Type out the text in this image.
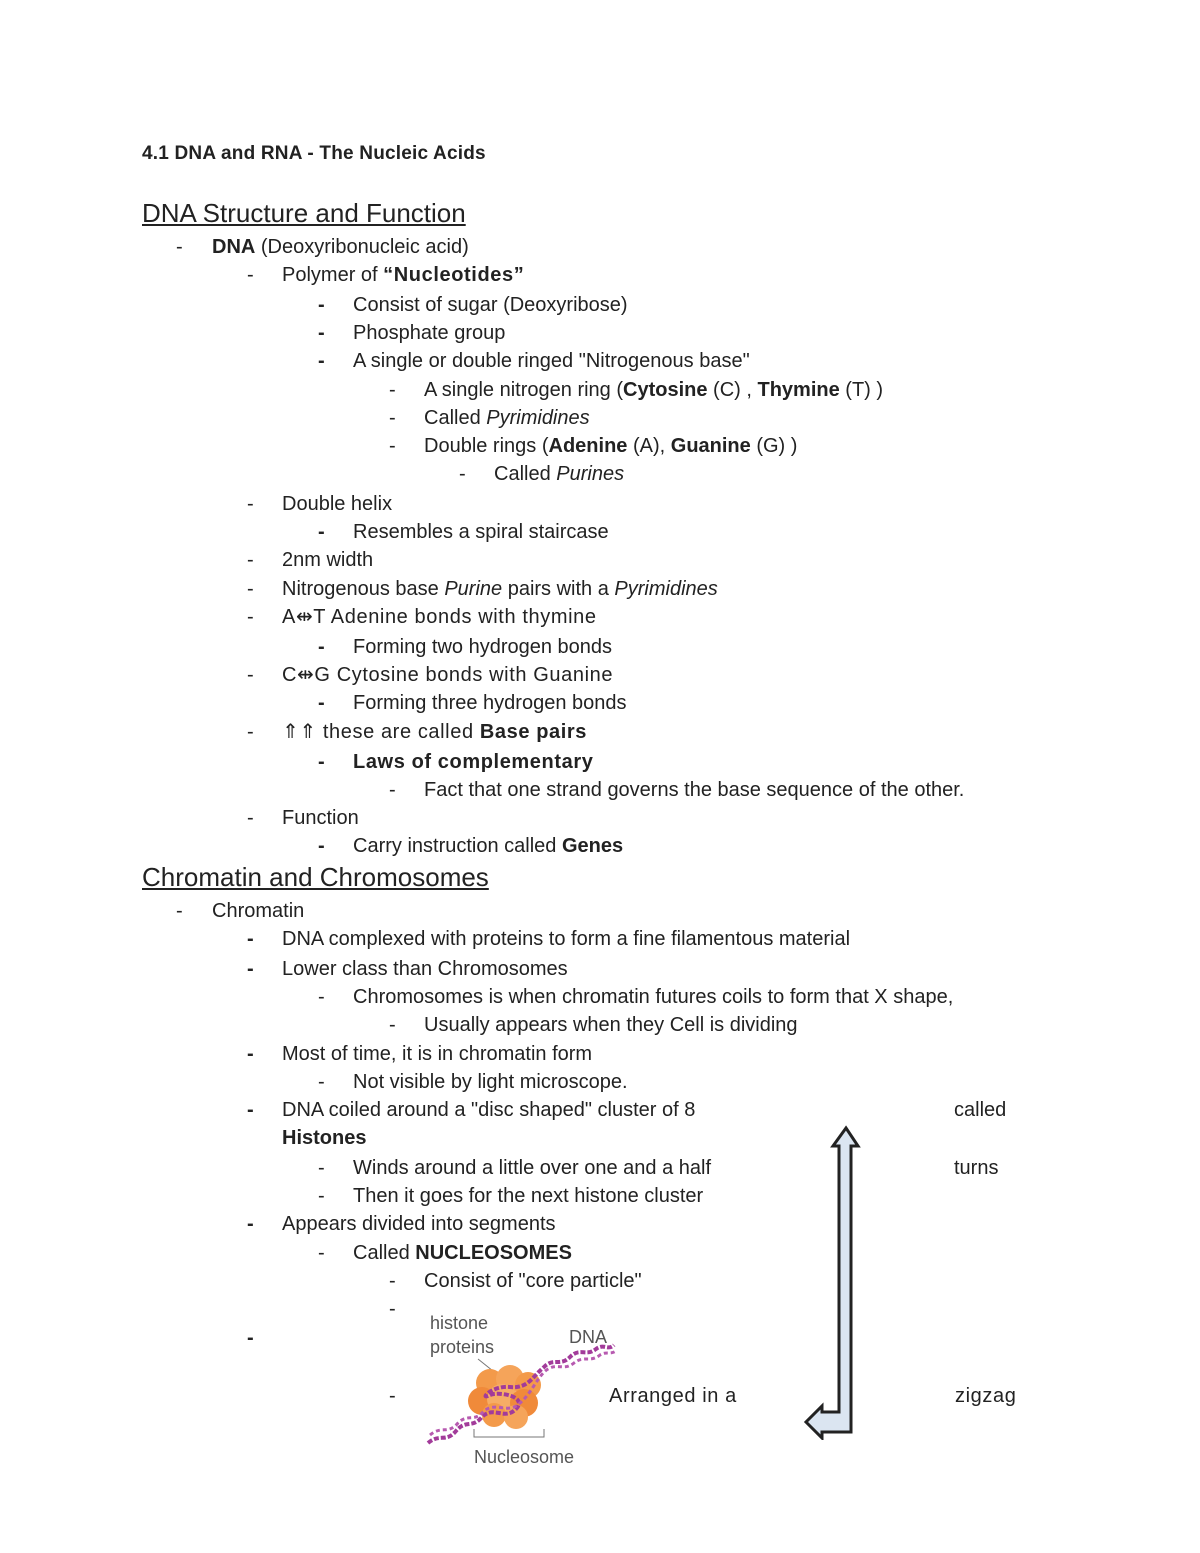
4.1 DNA and RNA - The Nucleic Acids
DNA Structure and Function
- DNA (Deoxyribonucleic acid)
- Polymer of “Nucleotides”
- Consist of sugar (Deoxyribose)
- Phosphate group
- A single or double ringed "Nitrogenous base"
- A single nitrogen ring (Cytosine (C) , Thymine (T) )
- Called Pyrimidines
- Double rings (Adenine (A), Guanine (G) )
- Called Purines
- Double helix
- Resembles a spiral staircase
- 2nm width
- Nitrogenous base Purine pairs with a Pyrimidines
- A⇹T Adenine bonds with thymine
- Forming two hydrogen bonds
- C⇹G Cytosine bonds with Guanine
- Forming three hydrogen bonds
- ⇑⇑ these are called Base pairs
- Laws of complementary
- Fact that one strand governs the base sequence of the other.
- Function
- Carry instruction called Genes
Chromatin and Chromosomes
- Chromatin
- DNA complexed with proteins to form a fine filamentous material
- Lower class than Chromosomes
- Chromosomes is when chromatin futures coils to form that X shape,
- Usually appears when they Cell is dividing
- Most of time, it is in chromatin form
- Not visible by light microscope.
- DNA coiled around a "disc shaped" cluster of 8	called
Histones
- Winds around a little over one and a half	turns
- Then it goes for the next histone cluster
- Appears divided into segments
- Called NUCLEOSOMES
- Consist of "core particle"
-
-
-	Arranged in a	zigzag
histone
proteins	DNA
Nucleosome
